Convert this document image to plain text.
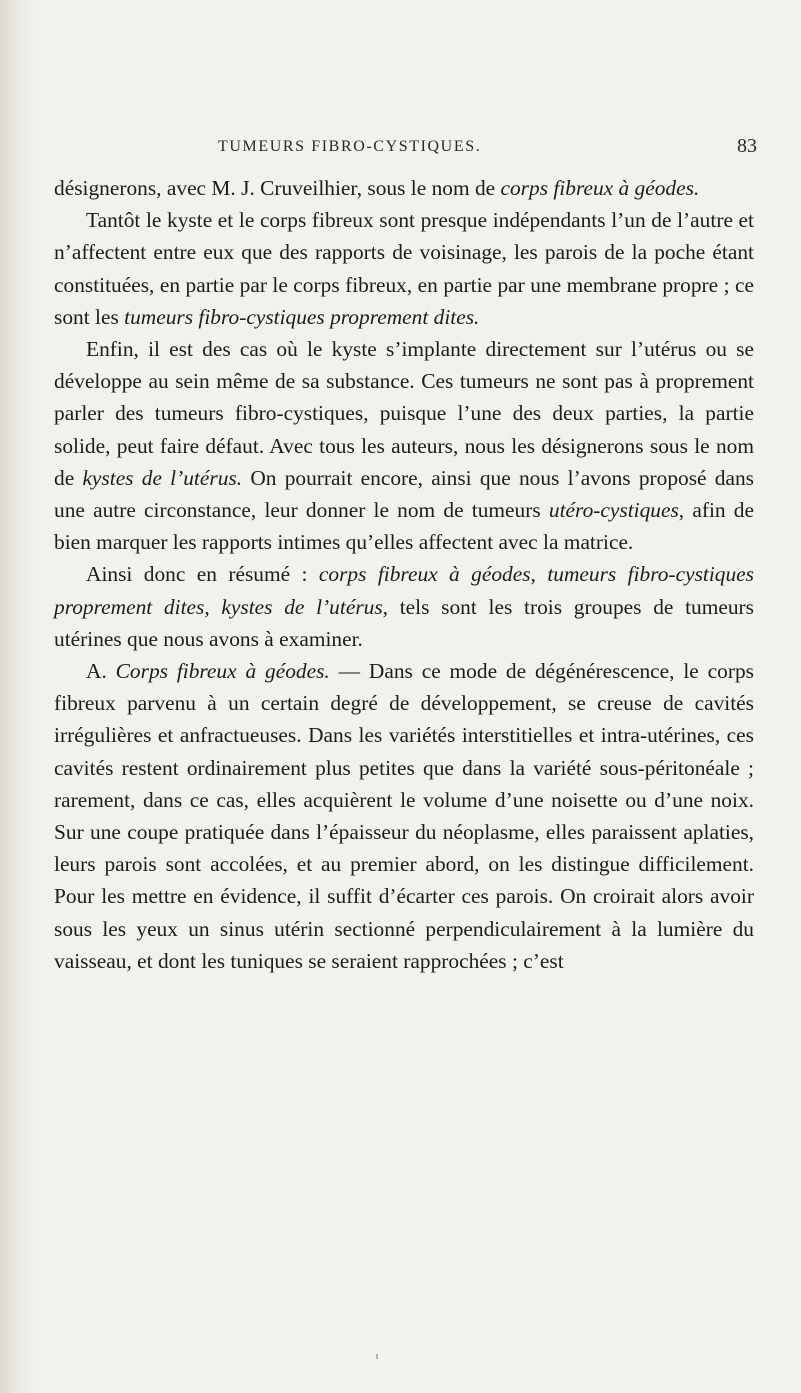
TUMEURS FIBRO-CYSTIQUES.	83

désignerons, avec M. J. Cruveilhier, sous le nom de corps fibreux à géodes.

Tantôt le kyste et le corps fibreux sont presque indépendants l’un de l’autre et n’affectent entre eux que des rapports de voisinage, les parois de la poche étant constituées, en partie par le corps fibreux, en partie par une membrane propre ; ce sont les tumeurs fibro-cystiques proprement dites.

Enfin, il est des cas où le kyste s’implante directement sur l’utérus ou se développe au sein même de sa substance. Ces tumeurs ne sont pas à proprement parler des tumeurs fibro-cystiques, puisque l’une des deux parties, la partie solide, peut faire défaut. Avec tous les auteurs, nous les désignerons sous le nom de kystes de l’utérus. On pourrait encore, ainsi que nous l’avons proposé dans une autre circonstance, leur donner le nom de tumeurs utéro-cystiques, afin de bien marquer les rapports intimes qu’elles affectent avec la matrice.

Ainsi donc en résumé : corps fibreux à géodes, tumeurs fibro-cystiques proprement dites, kystes de l’utérus, tels sont les trois groupes de tumeurs utérines que nous avons à examiner.

A. Corps fibreux à géodes. — Dans ce mode de dégénérescence, le corps fibreux parvenu à un certain degré de développement, se creuse de cavités irrégulières et anfractueuses. Dans les variétés interstitielles et intra-utérines, ces cavités restent ordinairement plus petites que dans la variété sous-péritonéale ; rarement, dans ce cas, elles acquièrent le volume d’une noisette ou d’une noix. Sur une coupe pratiquée dans l’épaisseur du néoplasme, elles paraissent aplaties, leurs parois sont accolées, et au premier abord, on les distingue difficilement. Pour les mettre en évidence, il suffit d’écarter ces parois. On croirait alors avoir sous les yeux un sinus utérin sectionné perpendiculairement à la lumière du vaisseau, et dont les tuniques se seraient rapprochées ; c’est
